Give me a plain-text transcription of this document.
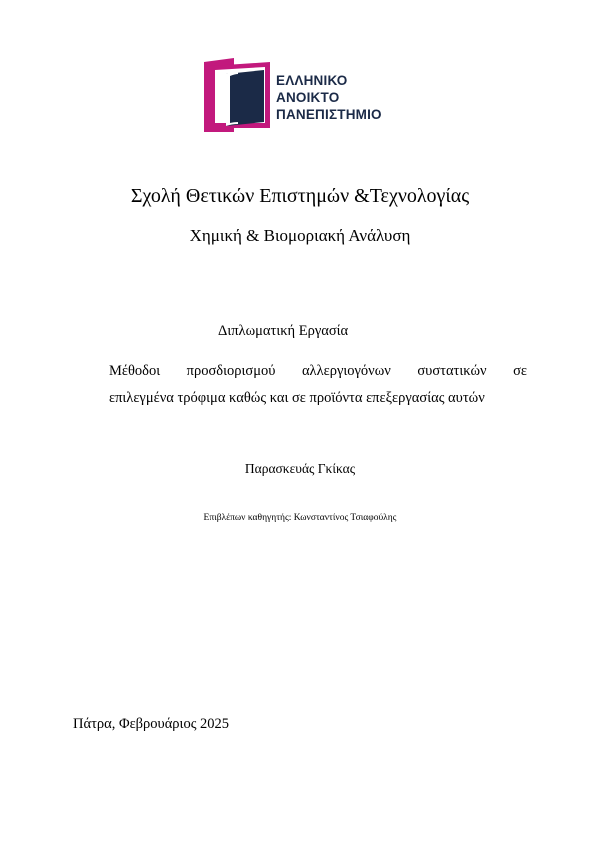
ΕΛΛΗΝΙΚΟ
ΑΝΟΙΚΤΟ
ΠΑΝΕΠΙΣΤΗΜΙΟ
Σχολή Θετικών Επιστημών &Τεχνολογίας
Χημική & Βιομοριακή Ανάλυση
Διπλωματική Εργασία
Μέθοδοι προσδιορισμού αλλεργιογόνων συστατικών σε
επιλεγμένα τρόφιμα καθώς και σε προϊόντα επεξεργασίας αυτών
Παρασκευάς Γκίκας
Επιβλέπων καθηγητής: Κωνσταντίνος Τσιαφούλης
Πάτρα, Φεβρουάριος 2025
